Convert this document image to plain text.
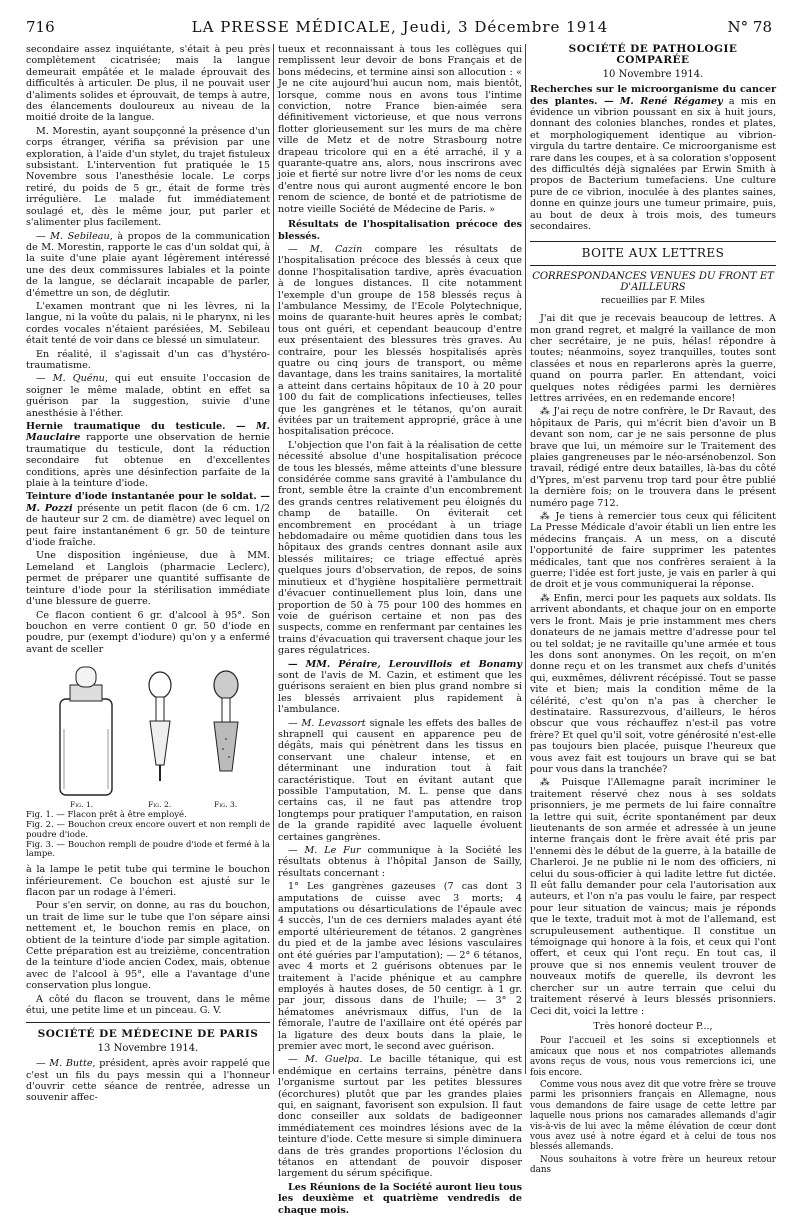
716	LA PRESSE MÉDICALE, Jeudi, 3 Décembre 1914	N° 78

secondaire assez inquiétante, s'était à peu près complètement cicatrisée; mais la langue demeurait empâtée et le malade éprouvait des difficultés à articuler. De plus, il ne pouvait user d'aliments solides et éprouvait, de temps à autre, des élancements douloureux au niveau de la moitié droite de la langue.

M. Morestin, ayant soupçonné la présence d'un corps étranger, vérifia sa prévision par une exploration, à l'aide d'un stylet, du trajet fistuleux subsistant. L'intervention fut pratiquée le 15 Novembre sous l'anesthésie locale. Le corps retiré, du poids de 5 gr., était de forme très irrégulière. Le malade fut immédiatement soulagé et, dès le même jour, put parler et s'alimenter plus facilement.

— M. Sebileau, à propos de la communication de M. Morestin, rapporte le cas d'un soldat qui, à la suite d'une plaie ayant légèrement intéressé une des deux commissures labiales et la pointe de la langue, se déclarait incapable de parler, d'émettre un son, de déglutir.

L'examen montrant que ni les lèvres, ni la langue, ni la voûte du palais, ni le pharynx, ni les cordes vocales n'étaient parésiées, M. Sebileau était tenté de voir dans ce blessé un simulateur.

En réalité, il s'agissait d'un cas d'hystéro-traumatisme.

— M. Quénu, qui eut ensuite l'occasion de soigner le même malade, obtint en effet sa guérison par la suggestion, suivie d'une anesthésie à l'éther.

Hernie traumatique du testicule. — M. Mauclaire rapporte une observation de hernie traumatique du testicule, dont la réduction secondaire fut obtenue en d'excellentes conditions, après une désinfection parfaite de la plaie à la teinture d'iode.

Teinture d'iode instantanée pour le soldat. — M. Pozzi présente un petit flacon (de 6 cm. 1/2 de hauteur sur 2 cm. de diamètre) avec lequel on peut faire instantanément 6 gr. 50 de teinture d'iode fraîche.

Une disposition ingénieuse, due à MM. Lemeland et Langlois (pharmacie Leclerc), permet de préparer une quantité suffisante de teinture d'iode pour la stérilisation immédiate d'une blessure de guerre.

Ce flacon contient 6 gr. d'alcool à 95°. Son bouchon en verre contient 0 gr. 50 d'iode en poudre, pur (exempt d'iodure) qu'on y a enfermé avant de sceller

Fig. 1.	Fig. 2.	Fig. 3.

Fig. 1. — Flacon prêt à être employé.

Fig. 2. — Bouchon creux encore ouvert et non rempli de poudre d'iode.

Fig. 3. — Bouchon rempli de poudre d'iode et fermé à la lampe.

à la lampe le petit tube qui termine le bouchon inférieurement. Ce bouchon est ajusté sur le flacon par un rodage à l'émeri.

Pour s'en servir, on donne, au ras du bouchon, un trait de lime sur le tube que l'on sépare ainsi nettement et, le bouchon remis en place, on obtient de la teinture d'iode par simple agitation. Cette préparation est au treizième, concentration de la teinture d'iode ancien Codex, mais, obtenue avec de l'alcool à 95°, elle a l'avantage d'une conservation plus longue.

A côté du flacon se trouvent, dans le même étui, une petite lime et un pinceau. G. V.

SOCIÉTÉ DE MÉDECINE DE PARIS
13 Novembre 1914.

— M. Butte, président, après avoir rappelé que c'est un fils du pays messin qui a l'honneur d'ouvrir cette séance de rentrée, adresse un souvenir affec-

tueux et reconnaissant à tous les collègues qui remplissent leur devoir de bons Français et de bons médecins, et termine ainsi son allocution : « Je ne cite aujourd'hui aucun nom, mais bientôt, lorsque, comme nous en avons tous l'intime conviction, notre France bien-aimée sera définitivement victorieuse, et que nous verrons flotter glorieusement sur les murs de ma chère ville de Metz et de notre Strasbourg notre drapeau tricolore qui en a été arraché, il y a quarante-quatre ans, alors, nous inscrirons avec joie et fierté sur notre livre d'or les noms de ceux d'entre nous qui auront augmenté encore le bon renom de science, de bonté et de patriotisme de notre vieille Société de Médecine de Paris. »

Résultats de l'hospitalisation précoce des blessés.

— M. Cazin compare les résultats de l'hospitalisation précoce des blessés à ceux que donne l'hospitalisation tardive, après évacuation à de longues distances. Il cite notamment l'exemple d'un groupe de 158 blessés reçus à l'ambulance Messimy, de l'Ecole Polytechnique, moins de quarante-huit heures après le combat; tous ont guéri, et cependant beaucoup d'entre eux présentaient des blessures très graves. Au contraire, pour les blessés hospitalisés après quatre ou cinq jours de transport, ou même davantage, dans les trains sanitaires, la mortalité a atteint dans certains hôpitaux de 10 à 20 pour 100 du fait de complications infectieuses, telles que les gangrènes et le tétanos, qu'on aurait évitées par un traitement approprié, grâce à une hospitalisation précoce.

L'objection que l'on fait à la réalisation de cette nécessité absolue d'une hospitalisation précoce de tous les blessés, même atteints d'une blessure considérée comme sans gravité à l'ambulance du front, semble être la crainte d'un encombrement des grands centres relativement peu éloignés du champ de bataille. On éviterait cet encombrement en procédant à un triage hebdomadaire ou même quotidien dans tous les hôpitaux des grands centres donnant asile aux blessés militaires; ce triage effectué après quelques jours d'observation, de repos, de soins minutieux et d'hygiène hospitalière permettrait d'évacuer continuellement plus loin, dans une proportion de 50 à 75 pour 100 des hommes en voie de guérison certaine et non pas des suspects, comme en renfermant par centaines les trains d'évacuation qui traversent chaque jour les gares régulatrices.

— MM. Péraire, Lerouvillois et Bonamy sont de l'avis de M. Cazin, et estiment que les guérisons seraient en bien plus grand nombre si les blessés arrivaient plus rapidement à l'ambulance.

— M. Levassort signale les effets des balles de shrapnell qui causent en apparence peu de dégâts, mais qui pénètrent dans les tissus en conservant une chaleur intense, et en déterminant une induration tout à fait caractéristique. Tout en évitant autant que possible l'amputation, M. L. pense que dans certains cas, il ne faut pas attendre trop longtemps pour pratiquer l'amputation, en raison de la grande rapidité avec laquelle évoluent certaines gangrènes.

— M. Le Fur communique à la Société les résultats obtenus à l'hôpital Janson de Sailly, résultats concernant :

1° Les gangrènes gazeuses (7 cas dont 3 amputations de cuisse avec 3 morts; 4 amputations ou désarticulations de l'épaule avec 4 succès, l'un de ces derniers malades ayant été emporté ultérieurement de tétanos. 2 gangrènes du pied et de la jambe avec lésions vasculaires ont été guéries par l'amputation); — 2° 6 tétanos, avec 4 morts et 2 guérisons obtenues par le traitement à l'acide phénique et au camphre employés à hautes doses, de 50 centigr. à 1 gr. par jour, dissous dans de l'huile; — 3° 2 hématomes anévrismaux diffus, l'un de la fémorale, l'autre de l'axillaire ont été opérés par la ligature des deux bouts dans la plaie, le premier avec mort, le second avec guérison.

— M. Guelpa. Le bacille tétanique, qui est endémique en certains terrains, pénètre dans l'organisme surtout par les petites blessures (écorchures) plutôt que par les grandes plaies qui, en saignant, favorisent son expulsion. Il faut donc conseiller aux soldats de badigeonner immédiatement ces moindres lésions avec de la teinture d'iode. Cette mesure si simple diminuera dans de très grandes proportions l'éclosion du tétanos en attendant de pouvoir disposer largement du sérum spécifique.

Les Réunions de la Société auront lieu tous les deuxième et quatrième vendredis de chaque mois.

SOCIÉTÉ DE PATHOLOGIE COMPARÉE
10 Novembre 1914.

Recherches sur le microorganisme du cancer des plantes. — M. René Régamey a mis en évidence un vibrion poussant en six à huit jours, donnant des colonies blanches, rondes et plates, et morphologiquement identique au vibrion-virgula du tartre dentaire. Ce microorganisme est rare dans les coupes, et à sa coloration s'opposent des difficultés déjà signalées par Erwin Smith à propos de Bacterium tumefaciens. Une culture pure de ce vibrion, inoculée à des plantes saines, donne en quinze jours une tumeur primaire, puis, au bout de deux à trois mois, des tumeurs secondaires.

BOITE AUX LETTRES
CORRESPONDANCES VENUES DU FRONT ET D'AILLEURS
recueillies par F. Miles

J'ai dit que je recevais beaucoup de lettres. A mon grand regret, et malgré la vaillance de mon cher secrétaire, je ne puis, hélas! répondre à toutes; néanmoins, soyez tranquilles, toutes sont classées et nous en reparlerons après la guerre, quand on pourra parler. En attendant, voici quelques notes rédigées parmi les dernières lettres arrivées, en en redemande encore!

⁂ J'ai reçu de notre confrère, le Dr Ravaut, des hôpitaux de Paris, qui m'écrit bien d'avoir un B devant son nom, car je ne sais personne de plus brave que lui, un mémoire sur le Traitement des plaies gangreneuses par le néo-arsénobenzol. Son travail, rédigé entre deux batailles, là-bas du côté d'Ypres, m'est parvenu trop tard pour être publié la dernière fois; on le trouvera dans le présent numéro page 712.

⁂ Je tiens à remercier tous ceux qui félicitent La Presse Médicale d'avoir établi un lien entre les médecins français. A un mess, on a discuté l'opportunité de faire supprimer les patentes médicales, tant que nos confrères seraient à la guerre; l'idée est fort juste, je vais en parler à qui de droit et je vous communiquerai la réponse.

⁂ Enfin, merci pour les paquets aux soldats. Ils arrivent abondants, et chaque jour on en emporte vers le front. Mais je prie instamment mes chers donateurs de ne jamais mettre d'adresse pour tel ou tel soldat; je ne ravitaille qu'une armée et tous les dons sont anonymes. On les reçoit, on m'en donne reçu et on les transmet aux chefs d'unités qui, euxmêmes, délivrent récépissé. Tout se passe vite et bien; mais la condition même de la célérité, c'est qu'on n'a pas à chercher le destinataire. Rassurezvous, d'ailleurs, le héros obscur que vous réchauffez n'est-il pas votre frère? Et quel qu'il soit, votre générosité n'est-elle pas toujours bien placée, puisque l'heureux que vous avez fait est toujours un brave qui se bat pour vous dans la tranchée?

⁂ Puisque l'Allemagne paraît incriminer le traitement réservé chez nous à ses soldats prisonniers, je me permets de lui faire connaître la lettre qui suit, écrite spontanément par deux lieutenants de son armée et adressée à un jeune interne français dont le frère avait été pris par l'ennemi dès le début de la guerre, à la bataille de Charleroi. Je ne publie ni le nom des officiers, ni celui du sous-officier à qui ladite lettre fut dictée. Il eût fallu demander pour cela l'autorisation aux auteurs, et l'on n'a pas voulu le faire, par respect pour leur situation de vaincus; mais je réponds que le texte, traduit mot à mot de l'allemand, est scrupuleusement authentique. Il constitue un témoignage qui honore à la fois, et ceux qui l'ont offert, et ceux qui l'ont reçu. En tout cas, il prouve que si nos ennemis veulent trouver de nouveaux motifs de querelle, ils devront les chercher sur un autre terrain que celui du traitement réservé à leurs blessés prisonniers. Ceci dit, voici la lettre :

Très honoré docteur P...,

Pour l'accueil et les soins si exceptionnels et amicaux que nous et nos compatriotes allemands avons reçus de vous, nous vous remercions ici, une fois encore.

Comme vous nous avez dit que votre frère se trouve parmi les prisonniers français en Allemagne, nous vous demandons de faire usage de cette lettre par laquelle nous prions nos camarades allemands d'agir vis-à-vis de lui avec la même élévation de cœur dont vous avez usé à notre égard et à celui de tous nos blessés allemands.

Nous souhaitons à votre frère un heureux retour dans
